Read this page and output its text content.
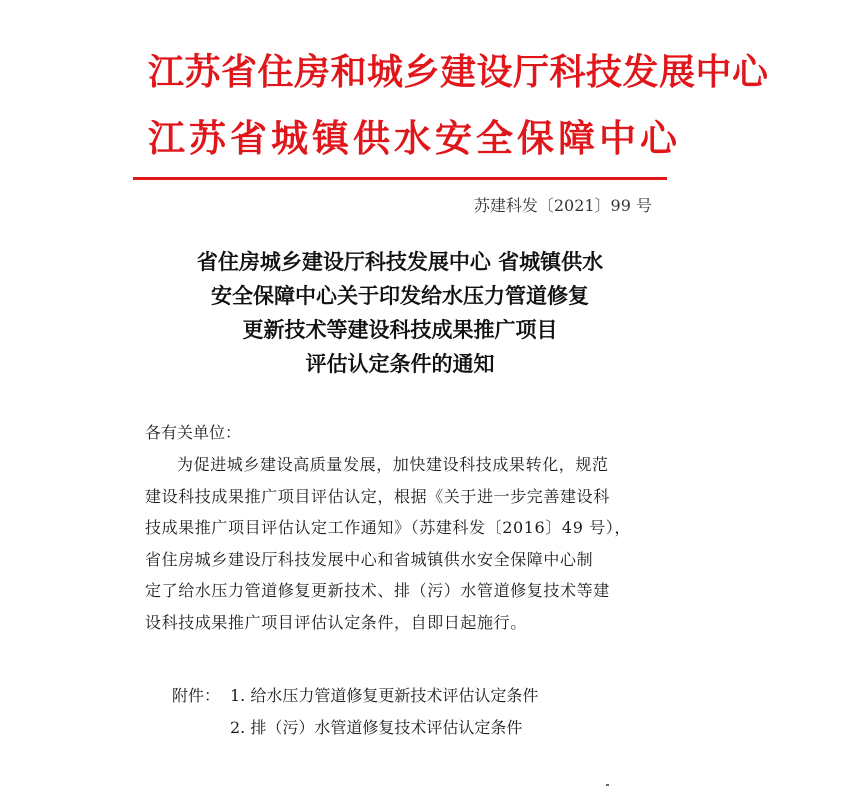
江苏省住房和城乡建设厅科技发展中心
江苏省城镇供水安全保障中心
苏建科发〔2021〕99 号
省住房城乡建设厅科技发展中心 省城镇供水
安全保障中心关于印发给水压力管道修复
更新技术等建设科技成果推广项目
评估认定条件的通知
各有关单位：
为促进城乡建设高质量发展，加快建设科技成果转化，规范
建设科技成果推广项目评估认定，根据《关于进一步完善建设科
技成果推广项目评估认定工作通知》（苏建科发〔2016〕49 号），
省住房城乡建设厅科技发展中心和省城镇供水安全保障中心制
定了给水压力管道修复更新技术、排（污）水管道修复技术等建
设科技成果推广项目评估认定条件，自即日起施行。
附件： 1. 给水压力管道修复更新技术评估认定条件
2. 排（污）水管道修复技术评估认定条件
